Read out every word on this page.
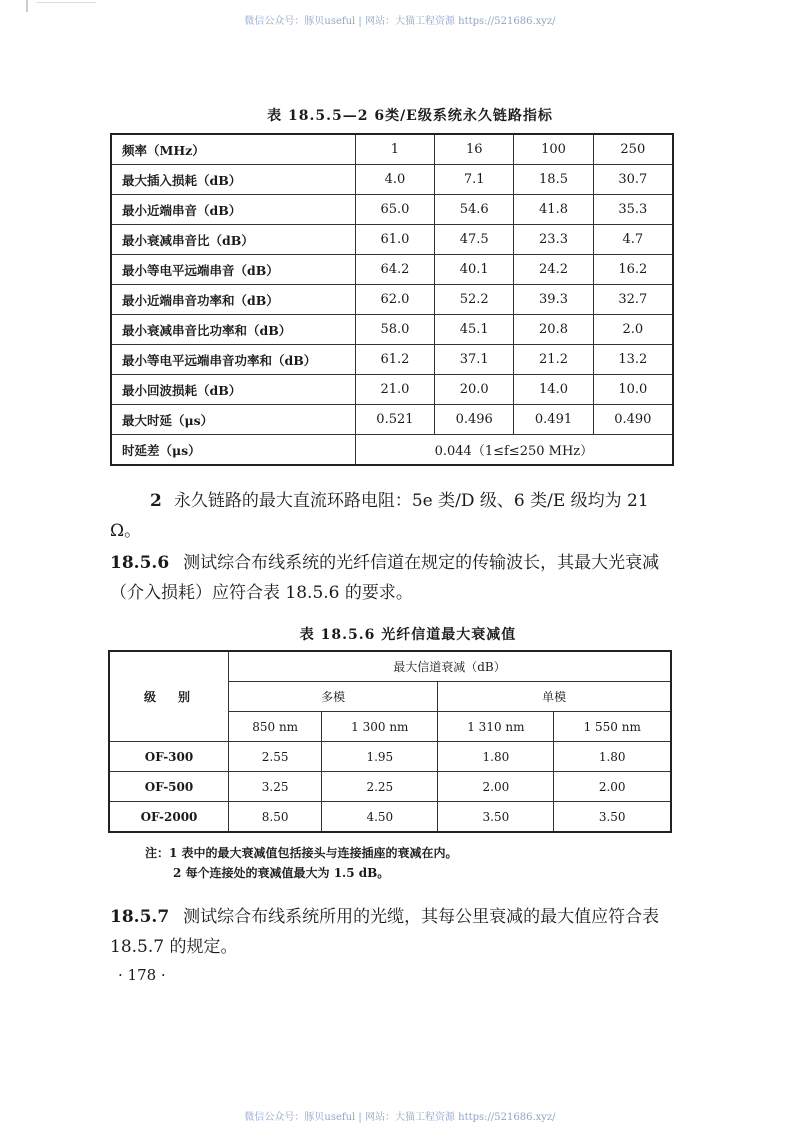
微信公众号：豚贝useful | 网站：大猫工程资源 https://521686.xyz/
表 18.5.5—2 6类/E级系统永久链路指标
频率（MHz）	1	16	100	250
最大插入损耗（dB）	4.0	7.1	18.5	30.7
最小近端串音（dB）	65.0	54.6	41.8	35.3
最小衰减串音比（dB）	61.0	47.5	23.3	4.7
最小等电平远端串音（dB）	64.2	40.1	24.2	16.2
最小近端串音功率和（dB）	62.0	52.2	39.3	32.7
最小衰减串音比功率和（dB）	58.0	45.1	20.8	2.0
最小等电平远端串音功率和（dB）	61.2	37.1	21.2	13.2
最小回波损耗（dB）	21.0	20.0	14.0	10.0
最大时延（μs）	0.521	0.496	0.491	0.490
时延差（μs）	0.044（1≤f≤250 MHz）			
2 永久链路的最大直流环路电阻：5e 类/D 级、6 类/E 级均为 21 Ω。
18.5.6 测试综合布线系统的光纤信道在规定的传输波长，其最大光衰减（介入损耗）应符合表 18.5.6 的要求。
表 18.5.6 光纤信道最大衰减值
级别	最大信道衰减（dB）			
	多模		单模	
	850 nm	1 300 nm	1 310 nm	1 550 nm
OF-300	2.55	1.95	1.80	1.80
OF-500	3.25	2.25	2.00	2.00
OF-2000	8.50	4.50	3.50	3.50
注：1 表中的最大衰减值包括接头与连接插座的衰减在内。
2 每个连接处的衰减值最大为 1.5 dB。
18.5.7 测试综合布线系统所用的光缆，其每公里衰减的最大值应符合表 18.5.7 的规定。
· 178 ·
微信公众号：豚贝useful | 网站：大猫工程资源 https://521686.xyz/
